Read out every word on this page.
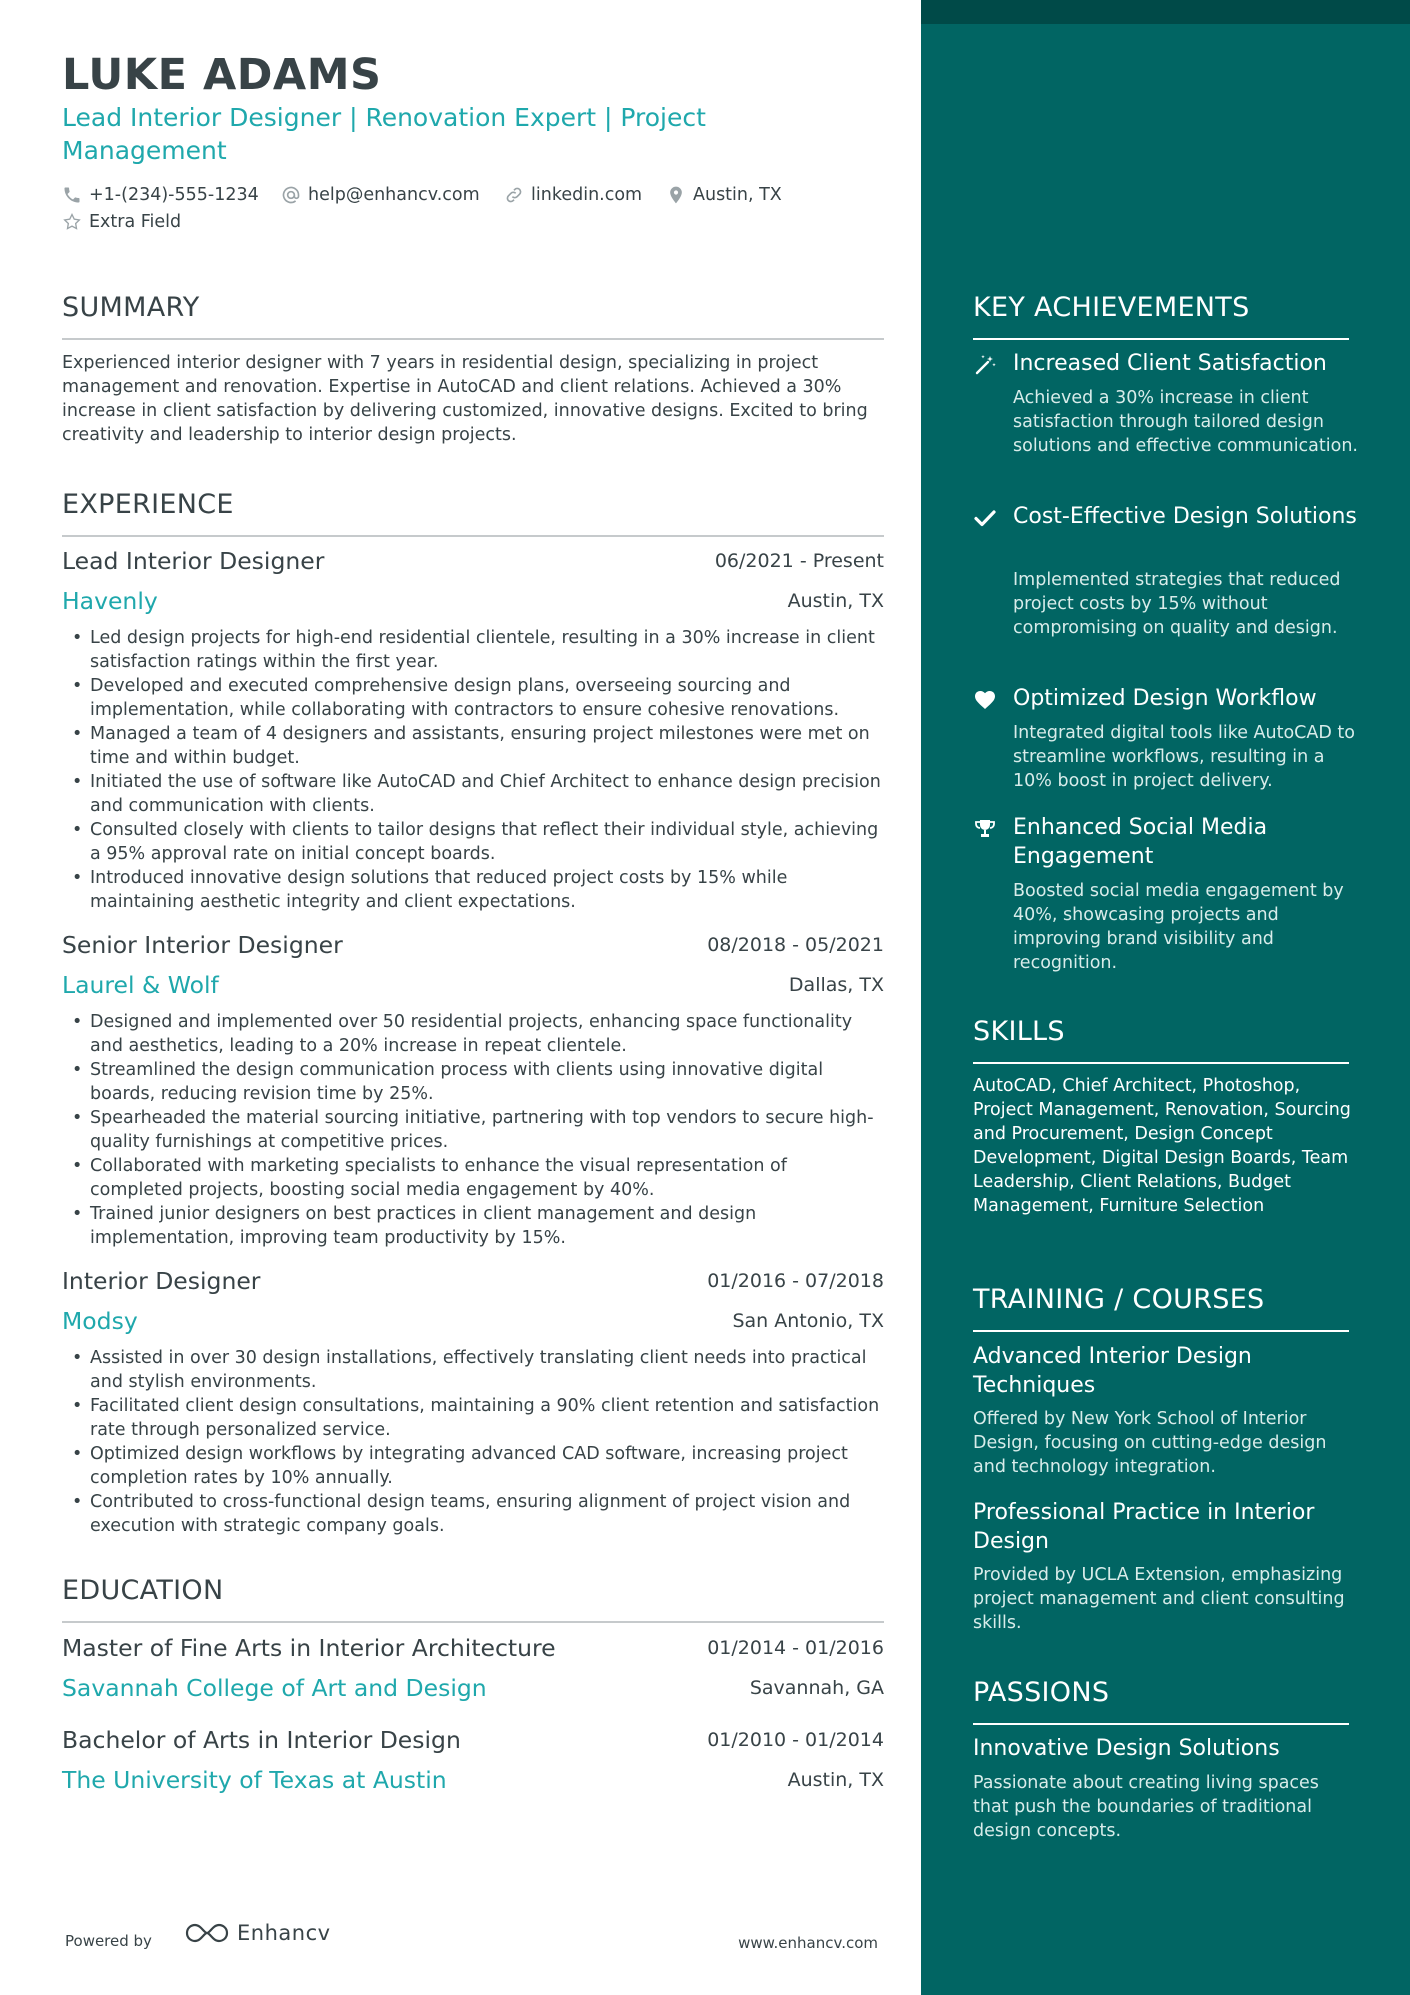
LUKE ADAMS
Lead Interior Designer | Renovation Expert | Project Management
+1-(234)-555-1234	help@enhancv.com	linkedin.com	Austin, TX
Extra Field
SUMMARY
Experienced interior designer with 7 years in residential design, specializing in project management and renovation. Expertise in AutoCAD and client relations. Achieved a 30% increase in client satisfaction by delivering customized, innovative designs. Excited to bring creativity and leadership to interior design projects.
EXPERIENCE
Lead Interior Designer	06/2021 - Present
Havenly	Austin, TX
• Led design projects for high-end residential clientele, resulting in a 30% increase in client satisfaction ratings within the first year.
• Developed and executed comprehensive design plans, overseeing sourcing and implementation, while collaborating with contractors to ensure cohesive renovations.
• Managed a team of 4 designers and assistants, ensuring project milestones were met on time and within budget.
• Initiated the use of software like AutoCAD and Chief Architect to enhance design precision and communication with clients.
• Consulted closely with clients to tailor designs that reflect their individual style, achieving a 95% approval rate on initial concept boards.
• Introduced innovative design solutions that reduced project costs by 15% while maintaining aesthetic integrity and client expectations.
Senior Interior Designer	08/2018 - 05/2021
Laurel & Wolf	Dallas, TX
• Designed and implemented over 50 residential projects, enhancing space functionality and aesthetics, leading to a 20% increase in repeat clientele.
• Streamlined the design communication process with clients using innovative digital boards, reducing revision time by 25%.
• Spearheaded the material sourcing initiative, partnering with top vendors to secure high-quality furnishings at competitive prices.
• Collaborated with marketing specialists to enhance the visual representation of completed projects, boosting social media engagement by 40%.
• Trained junior designers on best practices in client management and design implementation, improving team productivity by 15%.
Interior Designer	01/2016 - 07/2018
Modsy	San Antonio, TX
• Assisted in over 30 design installations, effectively translating client needs into practical and stylish environments.
• Facilitated client design consultations, maintaining a 90% client retention and satisfaction rate through personalized service.
• Optimized design workflows by integrating advanced CAD software, increasing project completion rates by 10% annually.
• Contributed to cross-functional design teams, ensuring alignment of project vision and execution with strategic company goals.
EDUCATION
Master of Fine Arts in Interior Architecture	01/2014 - 01/2016
Savannah College of Art and Design	Savannah, GA
Bachelor of Arts in Interior Design	01/2010 - 01/2014
The University of Texas at Austin	Austin, TX
Powered by	Enhancv	www.enhancv.com
KEY ACHIEVEMENTS
Increased Client Satisfaction
Achieved a 30% increase in client satisfaction through tailored design solutions and effective communication.
Cost-Effective Design Solutions
Implemented strategies that reduced project costs by 15% without compromising on quality and design.
Optimized Design Workflow
Integrated digital tools like AutoCAD to streamline workflows, resulting in a 10% boost in project delivery.
Enhanced Social Media Engagement
Boosted social media engagement by 40%, showcasing projects and improving brand visibility and recognition.
SKILLS
AutoCAD, Chief Architect, Photoshop, Project Management, Renovation, Sourcing and Procurement, Design Concept Development, Digital Design Boards, Team Leadership, Client Relations, Budget Management, Furniture Selection
TRAINING / COURSES
Advanced Interior Design Techniques
Offered by New York School of Interior Design, focusing on cutting-edge design and technology integration.
Professional Practice in Interior Design
Provided by UCLA Extension, emphasizing project management and client consulting skills.
PASSIONS
Innovative Design Solutions
Passionate about creating living spaces that push the boundaries of traditional design concepts.
